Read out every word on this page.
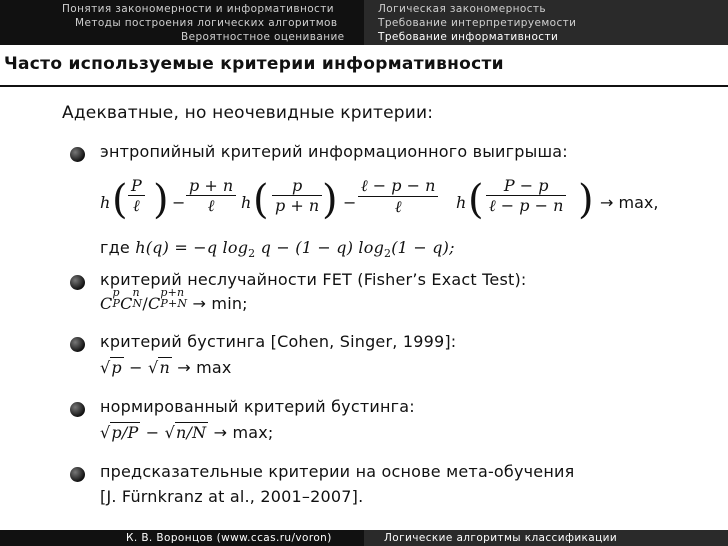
Понятия закономерности и информативности
Методы построения логических алгоритмов
Вероятностное оценивание
Логическая закономерность
Требование интерпретируемости
Требование информативности
Часто используемые критерии информативности
Адекватные, но неочевидные критерии:
энтропийный критерий информационного выигрыша:
h ( P
ℓ ) −
p + n
ℓ	h ( $\frac{p}{p + n}$ ) −
ℓ − p − n
ℓ	h (	P − p
ℓ − p − n ) → max,
где h(q) = −q $\log_2 q - (1 - q) \log_2(1 - q)$;
критерий неслучайности FET (Fisher’s Exact Test):
C
p
P C
n
N /C
p+n
P+N → min;
критерий бустинга [Cohen, Singer, 1999]:
√p − √n → max
нормированный критерий бустинга:
√p/P − √n/N → max;
предсказательные критерии на основе мета-обучения
[J. Fürnkranz at al., 2001–2007].
К. В. Воронцов (www.ccas.ru/voron)	Логические алгоритмы классификации
